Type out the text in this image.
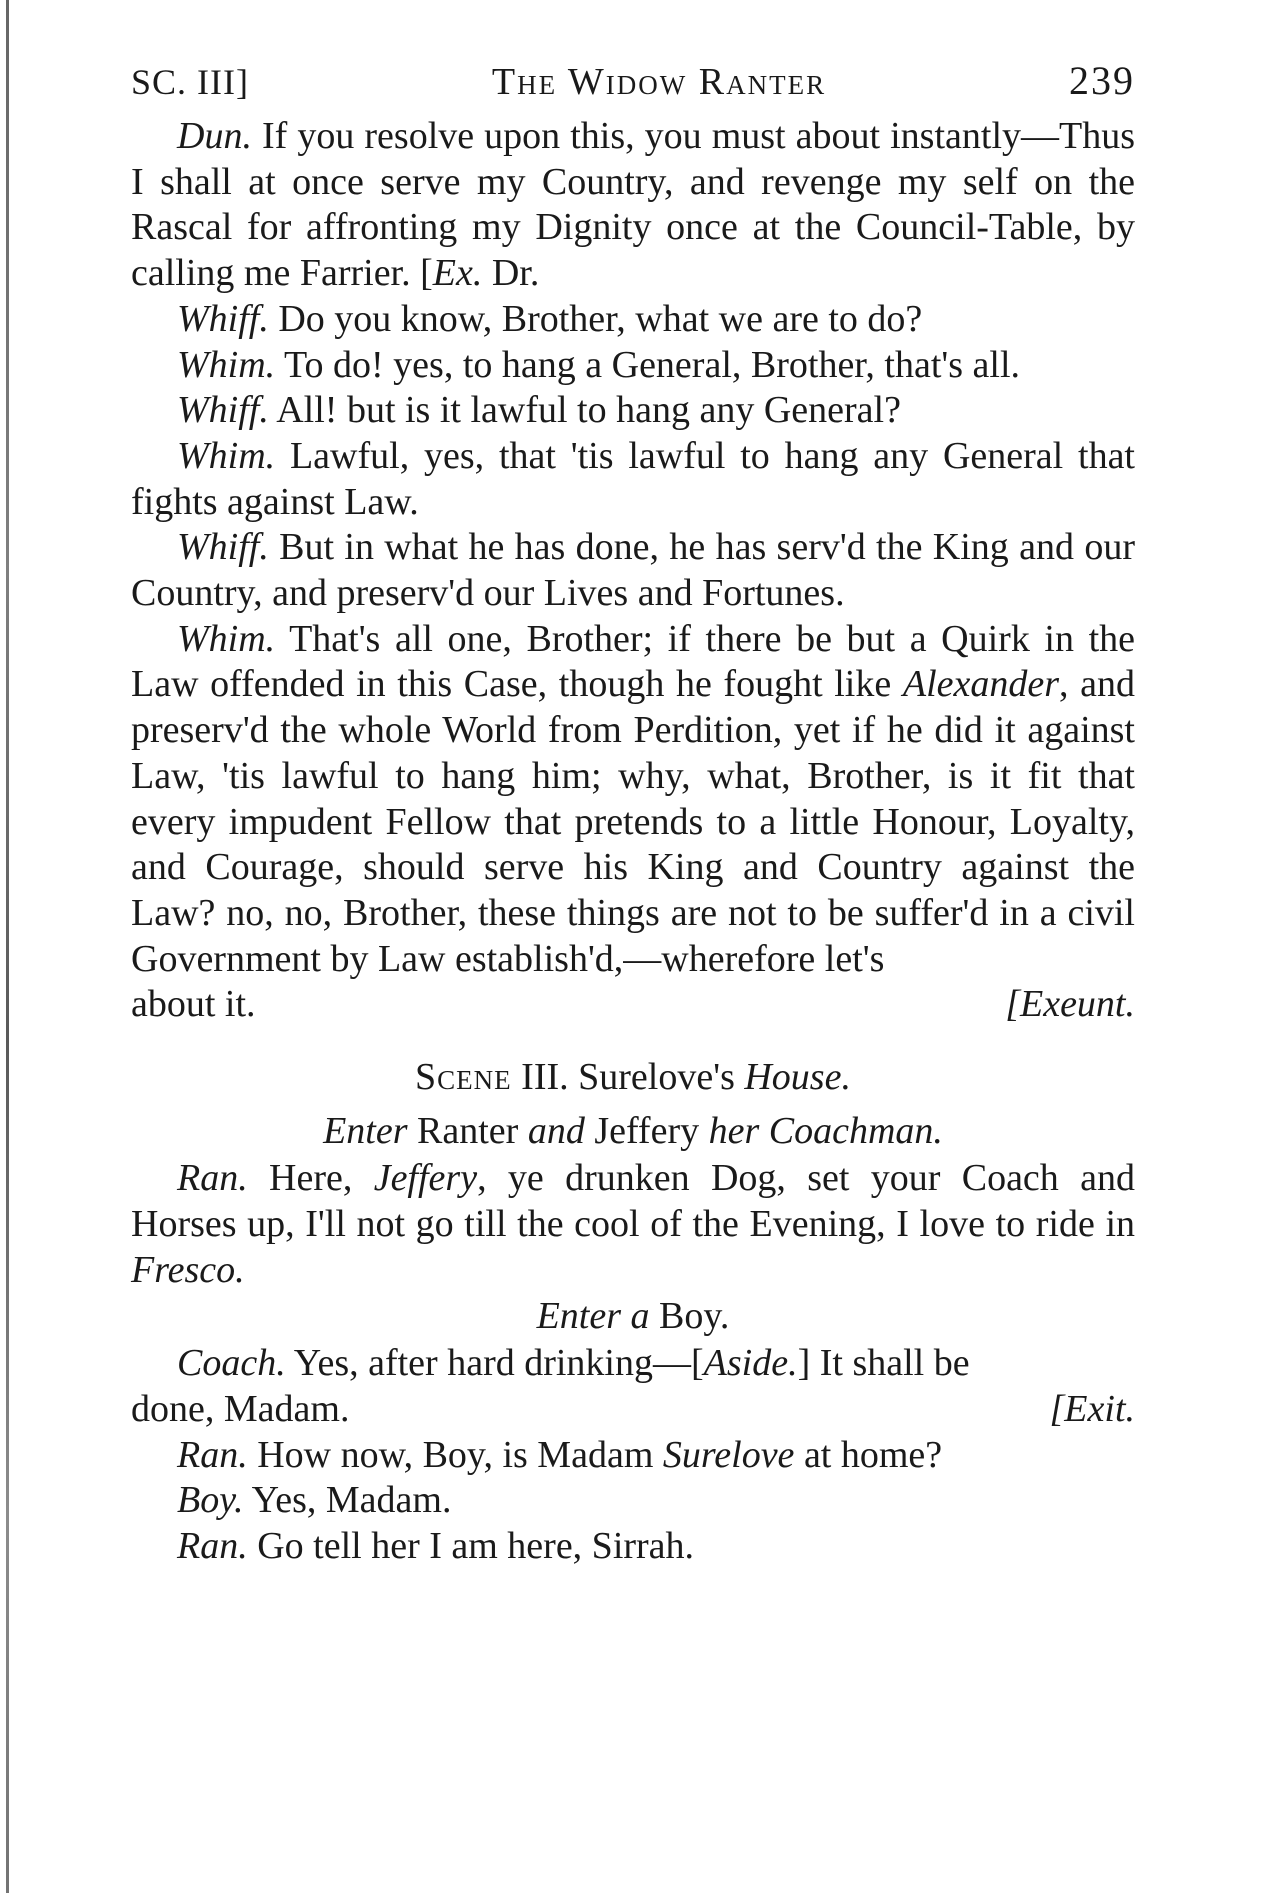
SC. III]	The Widow Ranter	239

Dun. If you resolve upon this, you must about instantly—Thus I shall at once serve my Country, and revenge my self on the Rascal for affronting my Dignity once at the Council-Table, by calling me Farrier. [Ex. Dr.

Whiff. Do you know, Brother, what we are to do?

Whim. To do! yes, to hang a General, Brother, that's all.

Whiff. All! but is it lawful to hang any General?

Whim. Lawful, yes, that 'tis lawful to hang any General that fights against Law.

Whiff. But in what he has done, he has serv'd the King and our Country, and preserv'd our Lives and Fortunes.

Whim. That's all one, Brother; if there be but a Quirk in the Law offended in this Case, though he fought like Alexander, and preserv'd the whole World from Perdition, yet if he did it against Law, 'tis lawful to hang him; why, what, Brother, is it fit that every impudent Fellow that pretends to a little Honour, Loyalty, and Courage, should serve his King and Country against the Law? no, no, Brother, these things are not to be suffer'd in a civil Government by Law establish'd,—wherefore let's

about it.	[Exeunt.

Scene III. Surelove's House.

Enter Ranter and Jeffery her Coachman.

Ran. Here, Jeffery, ye drunken Dog, set your Coach and Horses up, I'll not go till the cool of the Evening, I love to ride in Fresco.

Enter a Boy.

Coach. Yes, after hard drinking—[Aside.] It shall be

done, Madam.	[Exit.

Ran. How now, Boy, is Madam Surelove at home?

Boy. Yes, Madam.

Ran. Go tell her I am here, Sirrah.
